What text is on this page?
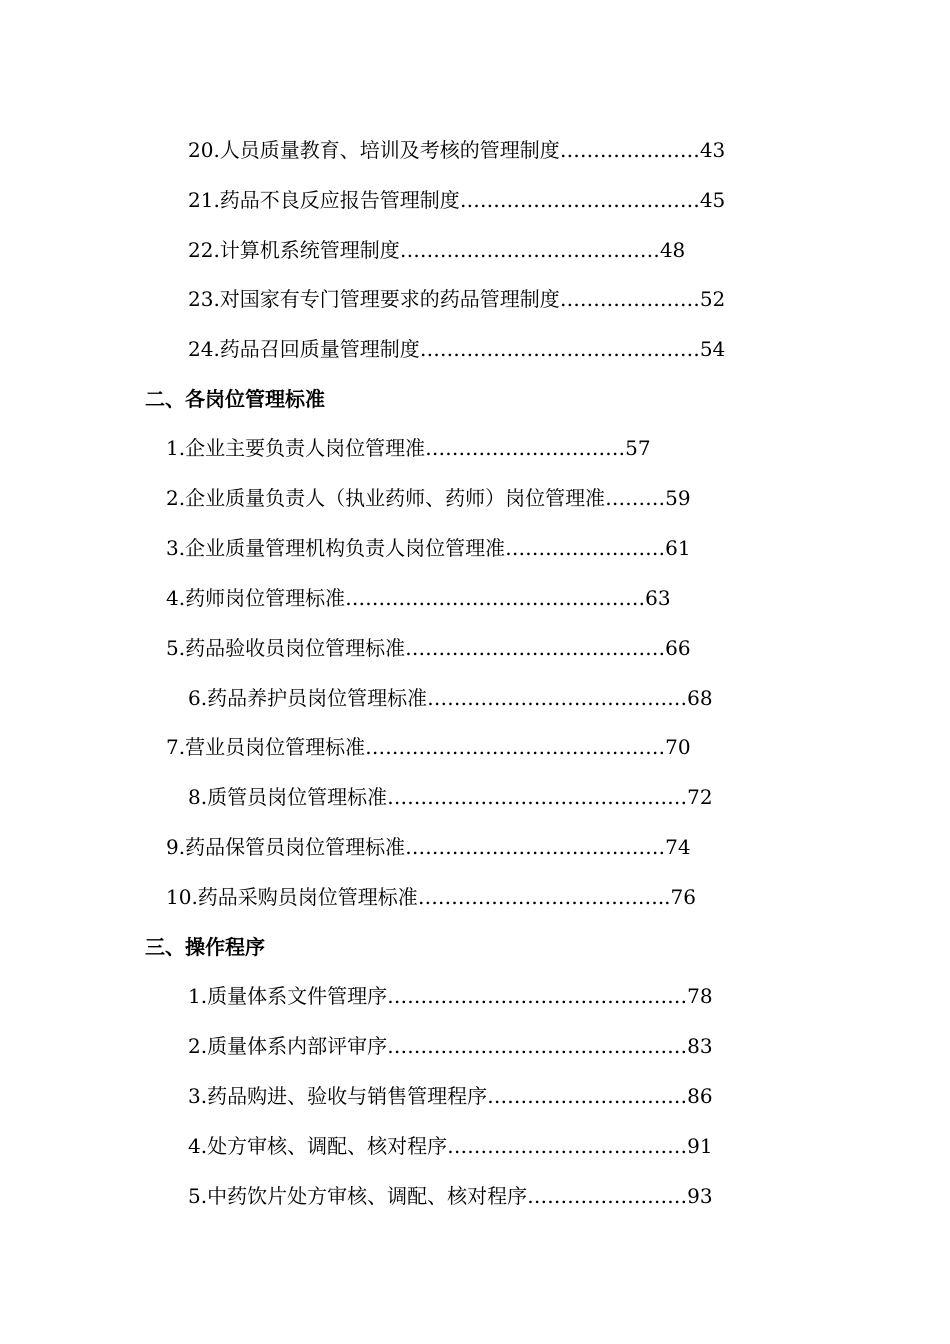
20.人员质量教育、培训及考核的管理制度…………………43
21.药品不良反应报告管理制度………………………………45
22.计算机系统管理制度…………………………………48
23.对国家有专门管理要求的药品管理制度…………………52
24.药品召回质量管理制度……………………………………54
二、各岗位管理标准
1.企业主要负责人岗位管理准…………………………57
2.企业质量负责人（执业药师、药师）岗位管理准………59
3.企业质量管理机构负责人岗位管理准……………………61
4.药师岗位管理标准………………………………………63
5.药品验收员岗位管理标准…………………………………66
6.药品养护员岗位管理标准…………………………………68
7.营业员岗位管理标准………………………………………70
8.质管员岗位管理标准………………………………………72
9.药品保管员岗位管理标准…………………………………74
10.药品采购员岗位管理标准………………………………..76
三、操作程序
1.质量体系文件管理序………………………………………78
2.质量体系内部评审序………………………………………83
3.药品购进、验收与销售管理程序…………………………86
4.处方审核、调配、核对程序………………………………91
5.中药饮片处方审核、调配、核对程序……………………93
